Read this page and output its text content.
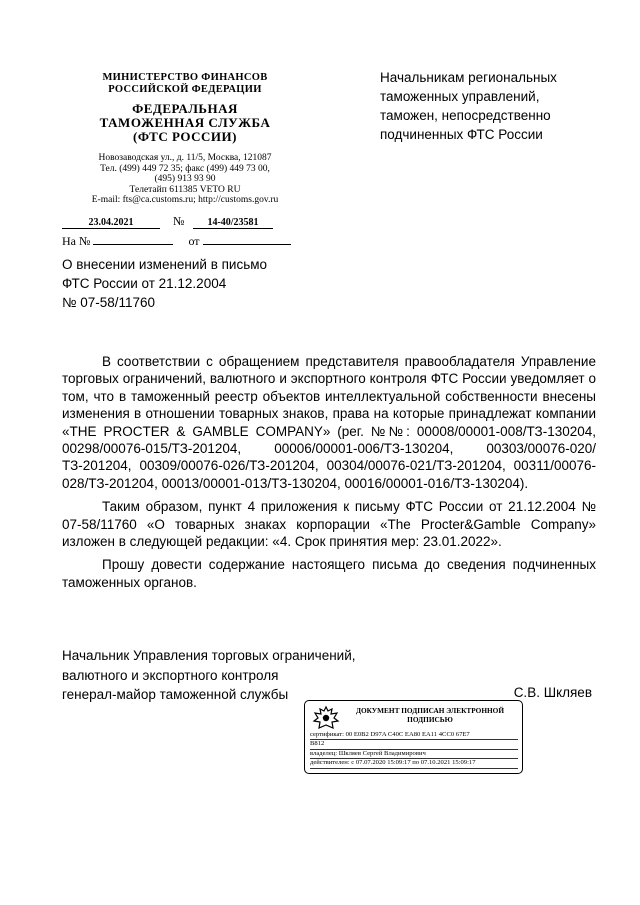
МИНИСТЕРСТВО ФИНАНСОВ
РОССИЙСКОЙ ФЕДЕРАЦИИ
ФЕДЕРАЛЬНАЯ
ТАМОЖЕННАЯ СЛУЖБА
(ФТС РОССИИ)
Новозаводская ул., д. 11/5, Москва, 121087
Тел. (499) 449 72 35; факс (499) 449 73 00,
(495) 913 93 90
Телетайп 611385 VETO RU
E-mail: fts@ca.customs.ru; http://customs.gov.ru
Начальникам региональных
таможенных управлений,
таможен, непосредственно
подчиненных ФТС России
23.04.2021	№ 14-40/23581
На №	от
О внесении изменений в письмо
ФТС России от 21.12.2004
№ 07-58/11760

В соответствии с обращением представителя правообладателя Управление торговых ограничений, валютного и экспортного контроля ФТС России уведомляет о том, что в таможенный реестр объектов интеллектуальной собственности внесены изменения в отношении товарных знаков, права на которые принадлежат компании «THE PROCTER & GAMBLE COMPANY» (рег. №№: 00008/00001-008/ТЗ-130204, 00298/00076-015/ТЗ-201204, 00006/00001-006/ТЗ-130204, 00303/00076-020/ТЗ-201204, 00309/00076-026/ТЗ-201204, 00304/00076-021/ТЗ-201204, 00311/00076-028/ТЗ-201204, 00013/00001-013/ТЗ-130204, 00016/00001-016/ТЗ-130204).

Таким образом, пункт 4 приложения к письму ФТС России от 21.12.2004 № 07-58/11760 «О товарных знаках корпорации «The Procter&Gamble Company» изложен в следующей редакции: «4. Срок принятия мер: 23.01.2022».

Прошу довести содержание настоящего письма до сведения подчиненных таможенных органов.

Начальник Управления торговых ограничений,
валютного и экспортного контроля
генерал-майор таможенной службы	С.В. Шкляев
ДОКУМЕНТ ПОДПИСАН ЭЛЕКТРОННОЙ
ПОДПИСЬЮ
сертификат: 00 E0B2 D97A C40C EA80 EA11 4CC0 67E7
B812
владелец: Шкляев Сергей Владимирович
действителен: с 07.07.2020 15:09:17 по 07.10.2021 15:09:17
